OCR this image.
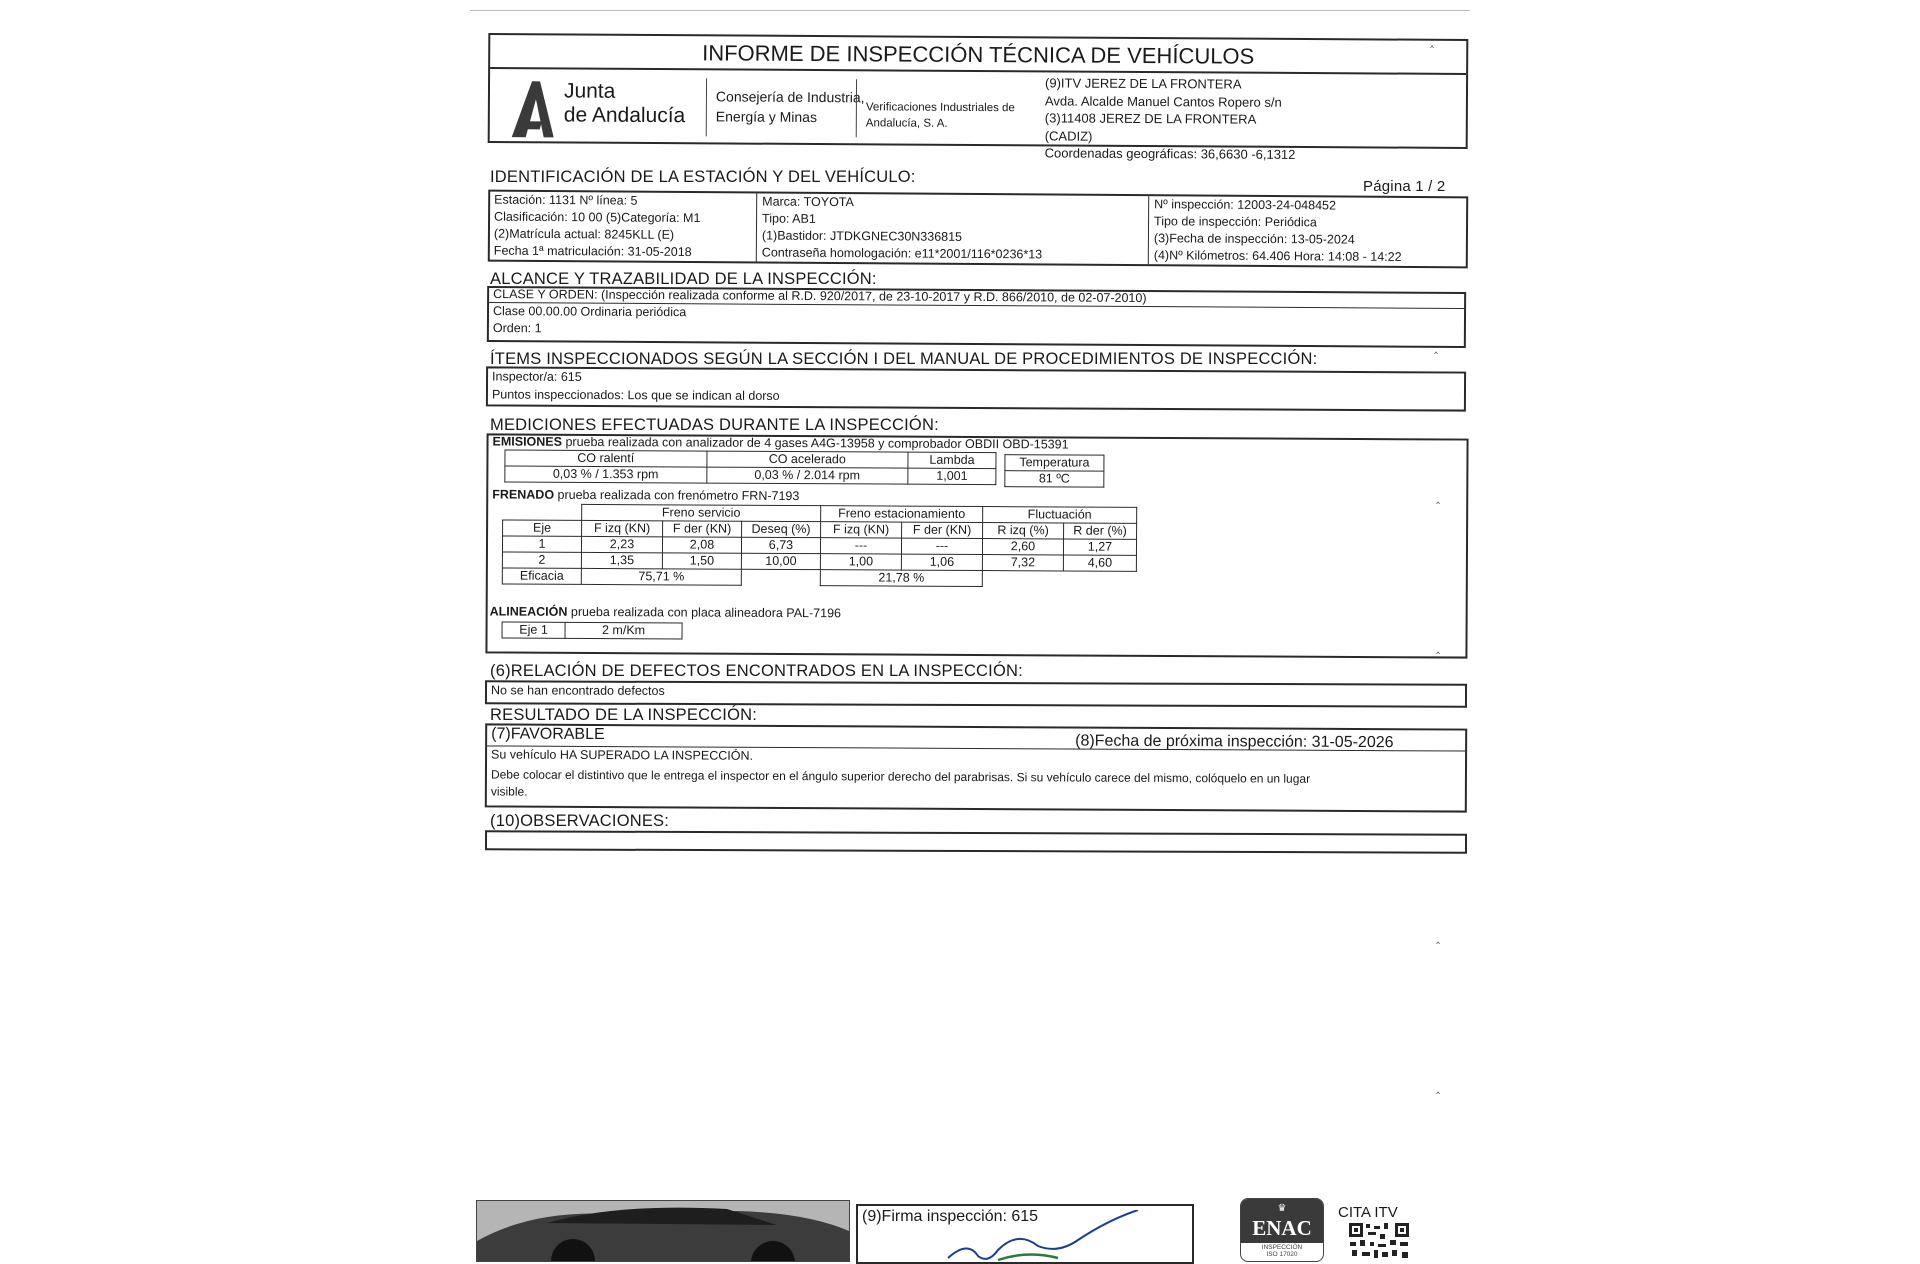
INFORME DE INSPECCIÓN TÉCNICA DE VEHÍCULOS
Junta
de Andalucía
Consejería de Industria,
Energía y Minas
Verificaciones Industriales de
Andalucía, S. A.
(9)ITV JEREZ DE LA FRONTERA
Avda. Alcalde Manuel Cantos Ropero s/n
(3)11408 JEREZ DE LA FRONTERA
(CADIZ)
Coordenadas geográficas: 36,6630 -6,1312
IDENTIFICACIÓN DE LA ESTACIÓN Y DEL VEHÍCULO:
Página 1 / 2
Estación: 1131 Nº línea: 5
Clasificación: 10 00 (5)Categoría: M1
(2)Matrícula actual: 8245KLL (E)
Fecha 1ª matriculación: 31-05-2018
Marca: TOYOTA
Tipo: AB1
(1)Bastidor: JTDKGNEC30N336815
Contraseña homologación: e11*2001/116*0236*13
Nº inspección: 12003-24-048452
Tipo de inspección: Periódica
(3)Fecha de inspección: 13-05-2024
(4)Nº Kilómetros: 64.406 Hora: 14:08 - 14:22
ALCANCE Y TRAZABILIDAD DE LA INSPECCIÓN:
CLASE Y ORDEN: (Inspección realizada conforme al R.D. 920/2017, de 23-10-2017 y R.D. 866/2010, de 02-07-2010)
Clase 00.00.00 Ordinaria periódica
Orden: 1
ÍTEMS INSPECCIONADOS SEGÚN LA SECCIÓN I DEL MANUAL DE PROCEDIMIENTOS DE INSPECCIÓN:
Inspector/a: 615
Puntos inspeccionados: Los que se indican al dorso
MEDICIONES EFECTUADAS DURANTE LA INSPECCIÓN:
EMISIONES prueba realizada con analizador de 4 gases A4G-13958 y comprobador OBDII OBD-15391
CO ralentí	CO acelerado	Lambda
0,03 % / 1.353 rpm	0,03 % / 2.014 rpm	1,001
Temperatura
81 ºC
FRENADO prueba realizada con frenómetro FRN-7193
	Freno servicio			Freno estacionamiento		Fluctuación	
Eje	F izq (KN)	F der (KN)	Deseq (%)	F izq (KN)	F der (KN)	R izq (%)	R der (%)
1	2,23	2,08	6,73	---	---	2,60	1,27
2	1,35	1,50	10,00	1,00	1,06	7,32	4,60
Eficacia	75,71 %			21,78 %			
ALINEACIÓN prueba realizada con placa alineadora PAL-7196
Eje 1	2 m/Km
(6)RELACIÓN DE DEFECTOS ENCONTRADOS EN LA INSPECCIÓN:
No se han encontrado defectos
RESULTADO DE LA INSPECCIÓN:
(7)FAVORABLE	(8)Fecha de próxima inspección: 31-05-2026
Su vehículo HA SUPERADO LA INSPECCIÓN.
Debe colocar el distintivo que le entrega el inspector en el ángulo superior derecho del parabrisas. Si su vehículo carece del mismo, colóquelo en un lugar
visible.
(10)OBSERVACIONES:
‸
‸
‸
‸
‸
‸
(9)Firma inspección: 615	♛
ENAC
INSPECCIÓN
ISO 17020
CITA ITV
